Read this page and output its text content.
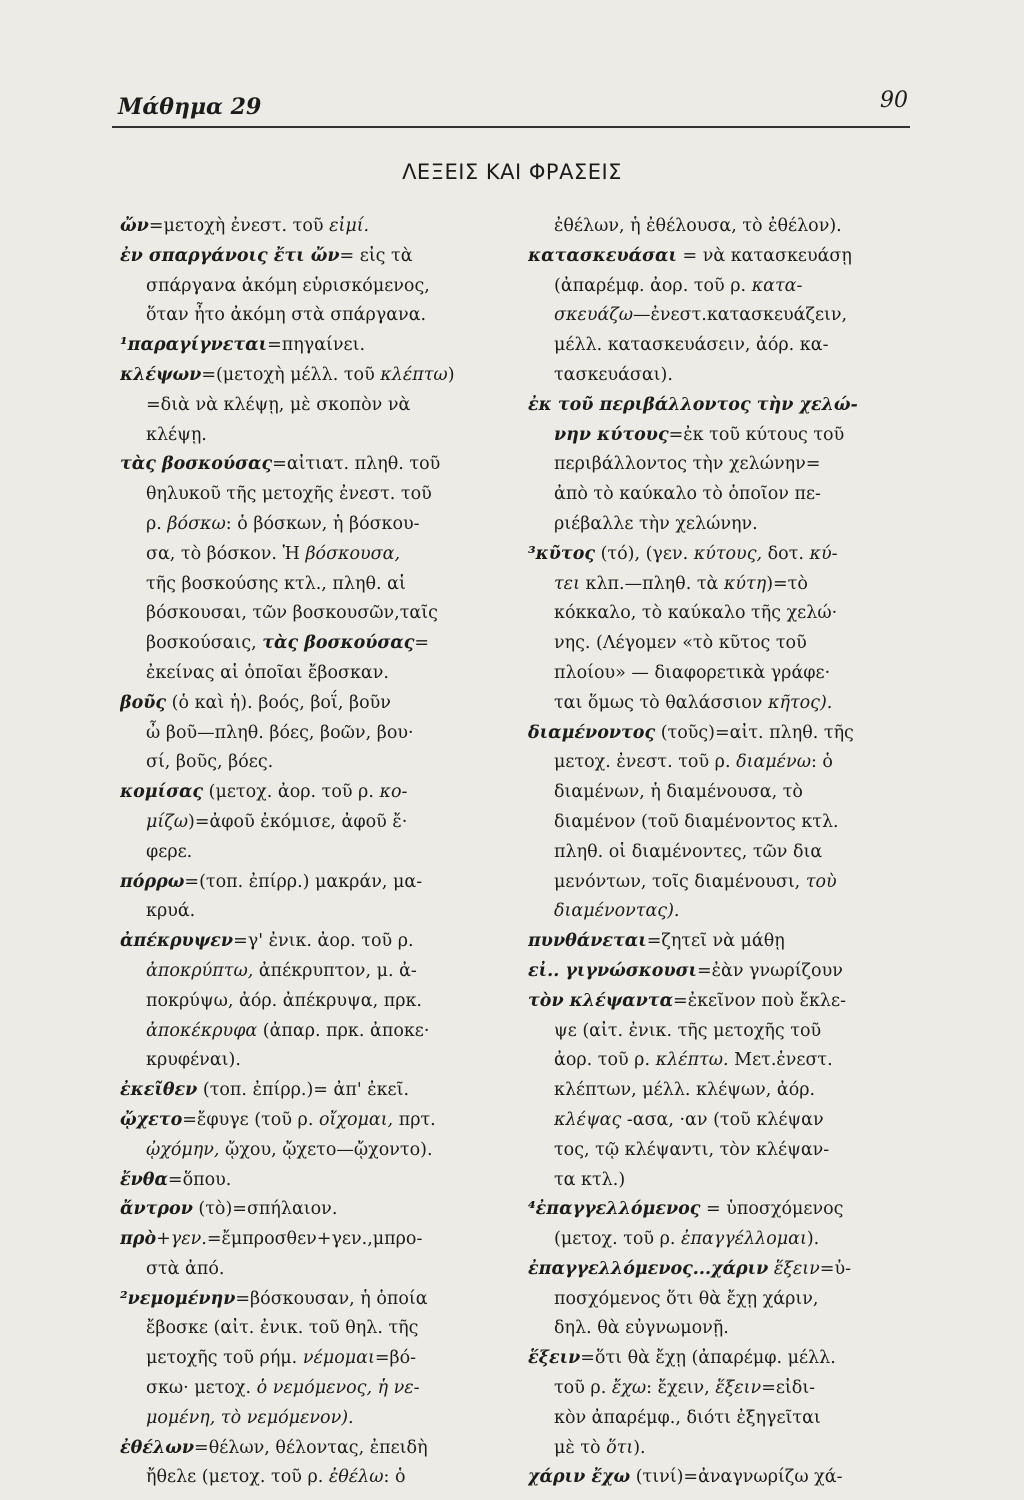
Μάθημα 29	90
ΛΕΞΕΙΣ ΚΑΙ ΦΡΑΣΕΙΣ
ὤν=μετοχὴ ἐνεστ. τοῦ εἰμί.
ἐν σπαργάνοις ἔτι ὤν= εἰς τὰ
σπάργανα ἀκόμη εὑρισκόμενος,
ὅταν ἦτο ἀκόμη στὰ σπάργανα.
¹παραγίγνεται=πηγαίνει.
κλέψων=(μετοχὴ μέλλ. τοῦ κλέπτω)
=διὰ νὰ κλέψῃ, μὲ σκοπὸν νὰ
κλέψῃ.
τὰς βοσκούσας=αἰτιατ. πληθ. τοῦ
θηλυκοῦ τῆς μετοχῆς ἐνεστ. τοῦ
ρ. βόσκω: ὁ βόσκων, ἡ βόσκου-
σα, τὸ βόσκον. Ἡ βόσκουσα,
τῆς βοσκούσης κτλ., πληθ. αἱ
βόσκουσαι, τῶν βοσκουσῶν,ταῖς
βοσκούσαις, τὰς βοσκούσας=
ἐκείνας αἱ ὁποῖαι ἔβοσκαν.
βοῦς (ὁ καὶ ἡ). βοός, βοΐ, βοῦν
ὦ βοῦ—πληθ. βόες, βοῶν, βου·
σί, βοῦς, βόες.
κομίσας (μετοχ. ἀορ. τοῦ ρ. κο-
μίζω)=ἀφοῦ ἐκόμισε, ἀφοῦ ἔ·
φερε.
πόρρω=(τοπ. ἐπίρρ.) μακράν, μα-
κρυά.
ἀπέκρυψεν=γ' ἐνικ. ἀορ. τοῦ ρ.
ἀποκρύπτω, ἀπέκρυπτον, μ. ἀ-
ποκρύψω, ἀόρ. ἀπέκρυψα, πρκ.
ἀποκέκρυφα (ἀπαρ. πρκ. ἀποκε·
κρυφέναι).
ἐκεῖθεν (τοπ. ἐπίρρ.)= ἀπ' ἐκεῖ.
ᾤχετο=ἔφυγε (τοῦ ρ. οἴχομαι, πρτ.
ᾠχόμην, ᾤχου, ᾤχετο—ᾤχοντο).
ἔνθα=ὅπου.
ἄντρον (τὸ)=σπήλαιον.
πρὸ+γεν.=ἔμπροσθεν+γεν.,μπρο-
στὰ ἀπό.
²νεμομένην=βόσκουσαν, ἡ ὁποία
ἔβοσκε (αἰτ. ἐνικ. τοῦ θηλ. τῆς
μετοχῆς τοῦ ρήμ. νέμομαι=βό-
σκω· μετοχ. ὁ νεμόμενος, ἡ νε-
μομένη, τὸ νεμόμενον).
ἐθέλων=θέλων, θέλοντας, ἐπειδὴ
ἤθελε (μετοχ. τοῦ ρ. ἐθέλω: ὁ
ἐθέλων, ἡ ἐθέλουσα, τὸ ἐθέλον).
κατασκευάσαι = νὰ κατασκευάσῃ
(ἀπαρέμφ. ἀορ. τοῦ ρ. κατα-
σκευάζω—ἐνεστ.κατασκευάζειν,
μέλλ. κατασκευάσειν, ἀόρ. κα-
τασκευάσαι).
ἐκ τοῦ περιβάλλοντος τὴν χελώ-
νην κύτους=ἐκ τοῦ κύτους τοῦ
περιβάλλοντος τὴν χελώνην=
ἀπὸ τὸ καύκαλο τὸ ὁποῖον πε-
ριέβαλλε τὴν χελώνην.
³κῦτος (τό), (γεν. κύτους, δοτ. κύ-
τει κλπ.—πληθ. τὰ κύτη)=τὸ
κόκκαλο, τὸ καύκαλο τῆς χελώ·
νης. (Λέγομεν «τὸ κῦτος τοῦ
πλοίου» — διαφορετικὰ γράφε·
ται ὅμως τὸ θαλάσσιον κῆτος).
διαμένοντος (τοῦς)=αἰτ. πληθ. τῆς
μετοχ. ἐνεστ. τοῦ ρ. διαμένω: ὁ
διαμένων, ἡ διαμένουσα, τὸ
διαμένον (τοῦ διαμένοντος κτλ.
πληθ. οἱ διαμένοντες, τῶν δια
μενόντων, τοῖς διαμένουσι, τοὺ
διαμένοντας).
πυνθάνεται=ζητεῖ νὰ μάθῃ
εἰ.. γιγνώσκουσι=ἐὰν γνωρίζουν
τὸν κλέψαντα=ἐκεῖνον ποὺ ἔκλε-
ψε (αἰτ. ἐνικ. τῆς μετοχῆς τοῦ
ἀορ. τοῦ ρ. κλέπτω. Μετ.ἐνεστ.
κλέπτων, μέλλ. κλέψων, ἀόρ.
κλέψας -ασα, ·αν (τοῦ κλέψαν
τος, τῷ κλέψαντι, τὸν κλέψαν-
τα κτλ.)
⁴ἐπαγγελλόμενος = ὑποσχόμενος
(μετοχ. τοῦ ρ. ἐπαγγέλλομαι).
ἐπαγγελλόμενος...χάριν ἕξειν=ὑ-
ποσχόμενος ὅτι θὰ ἔχῃ χάριν,
δηλ. θὰ εὐγνωμονῇ.
ἕξειν=ὅτι θὰ ἔχῃ (ἀπαρέμφ. μέλλ.
τοῦ ρ. ἔχω: ἔχειν, ἕξειν=εἰδι-
κὸν ἀπαρέμφ., διότι ἐξηγεῖται
μὲ τὸ ὅτι).
χάριν ἔχω (τινί)=ἀναγνωρίζω χά-
